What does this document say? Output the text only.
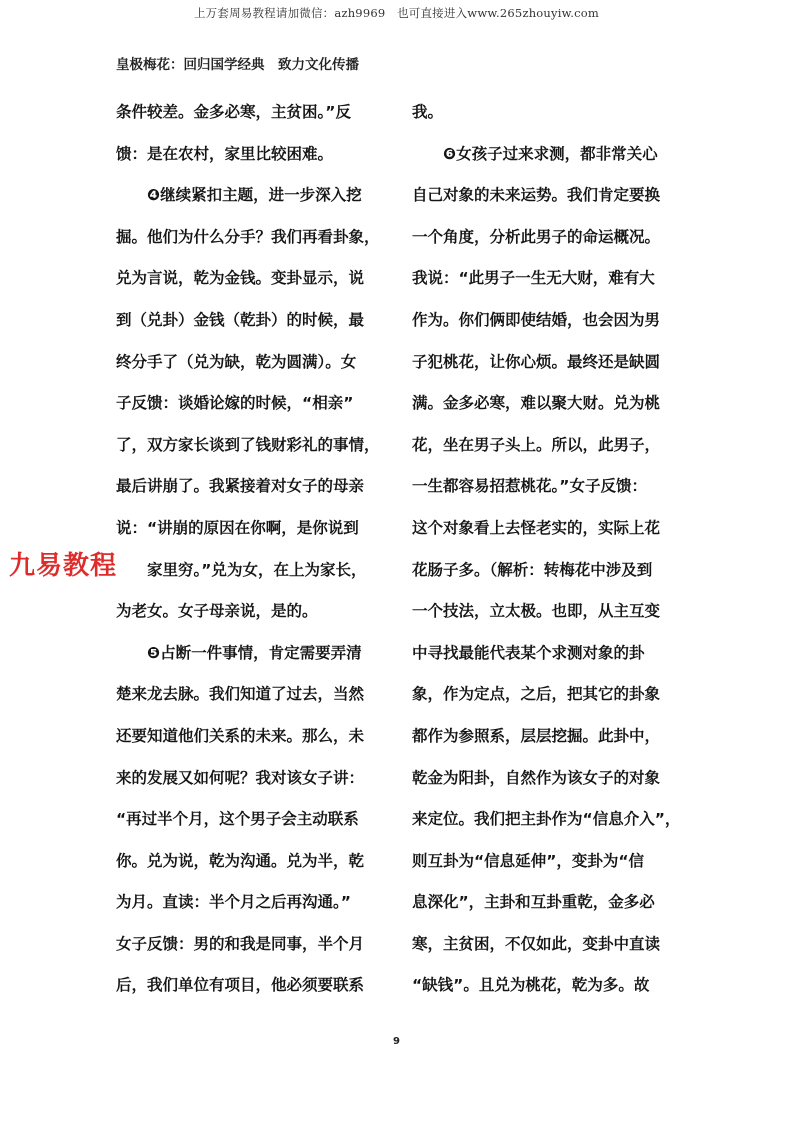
上万套周易教程请加微信：azh9969　也可直接进入www.265zhouyiw.com
皇极梅花：回归国学经典　致力文化传播
条件较差。金多必寒，主贫困。”反
馈：是在农村，家里比较困难。
❹继续紧扣主题，进一步深入挖
掘。他们为什么分手？我们再看卦象，
兑为言说，乾为金钱。变卦显示，说
到（兑卦）金钱（乾卦）的时候，最
终分手了（兑为缺，乾为圆满）。女
子反馈：谈婚论嫁的时候，“相亲”
了，双方家长谈到了钱财彩礼的事情，
最后讲崩了。我紧接着对女子的母亲
说：“讲崩的原因在你啊，是你说到
　　家里穷。”兑为女，在上为家长，
为老女。女子母亲说，是的。
❺占断一件事情，肯定需要弄清
楚来龙去脉。我们知道了过去，当然
还要知道他们关系的未来。那么，未
来的发展又如何呢？我对该女子讲：
“再过半个月，这个男子会主动联系
你。兑为说，乾为沟通。兑为半，乾
为月。直读：半个月之后再沟通。”
女子反馈：男的和我是同事，半个月
后，我们单位有项目，他必须要联系
我。
❻女孩子过来求测，都非常关心
自己对象的未来运势。我们肯定要换
一个角度，分析此男子的命运概况。
我说：“此男子一生无大财，难有大
作为。你们俩即使结婚，也会因为男
子犯桃花，让你心烦。最终还是缺圆
满。金多必寒，难以聚大财。兑为桃
花，坐在男子头上。所以，此男子，
一生都容易招惹桃花。”女子反馈：
这个对象看上去怪老实的，实际上花
花肠子多。（解析：转梅花中涉及到
一个技法，立太极。也即，从主互变
中寻找最能代表某个求测对象的卦
象，作为定点，之后，把其它的卦象
都作为参照系，层层挖掘。此卦中，
乾金为阳卦，自然作为该女子的对象
来定位。我们把主卦作为“信息介入”，
则互卦为“信息延伸”，变卦为“信
息深化”，主卦和互卦重乾，金多必
寒，主贫困，不仅如此，变卦中直读
“缺钱”。且兑为桃花，乾为多。故
九易教程
9
